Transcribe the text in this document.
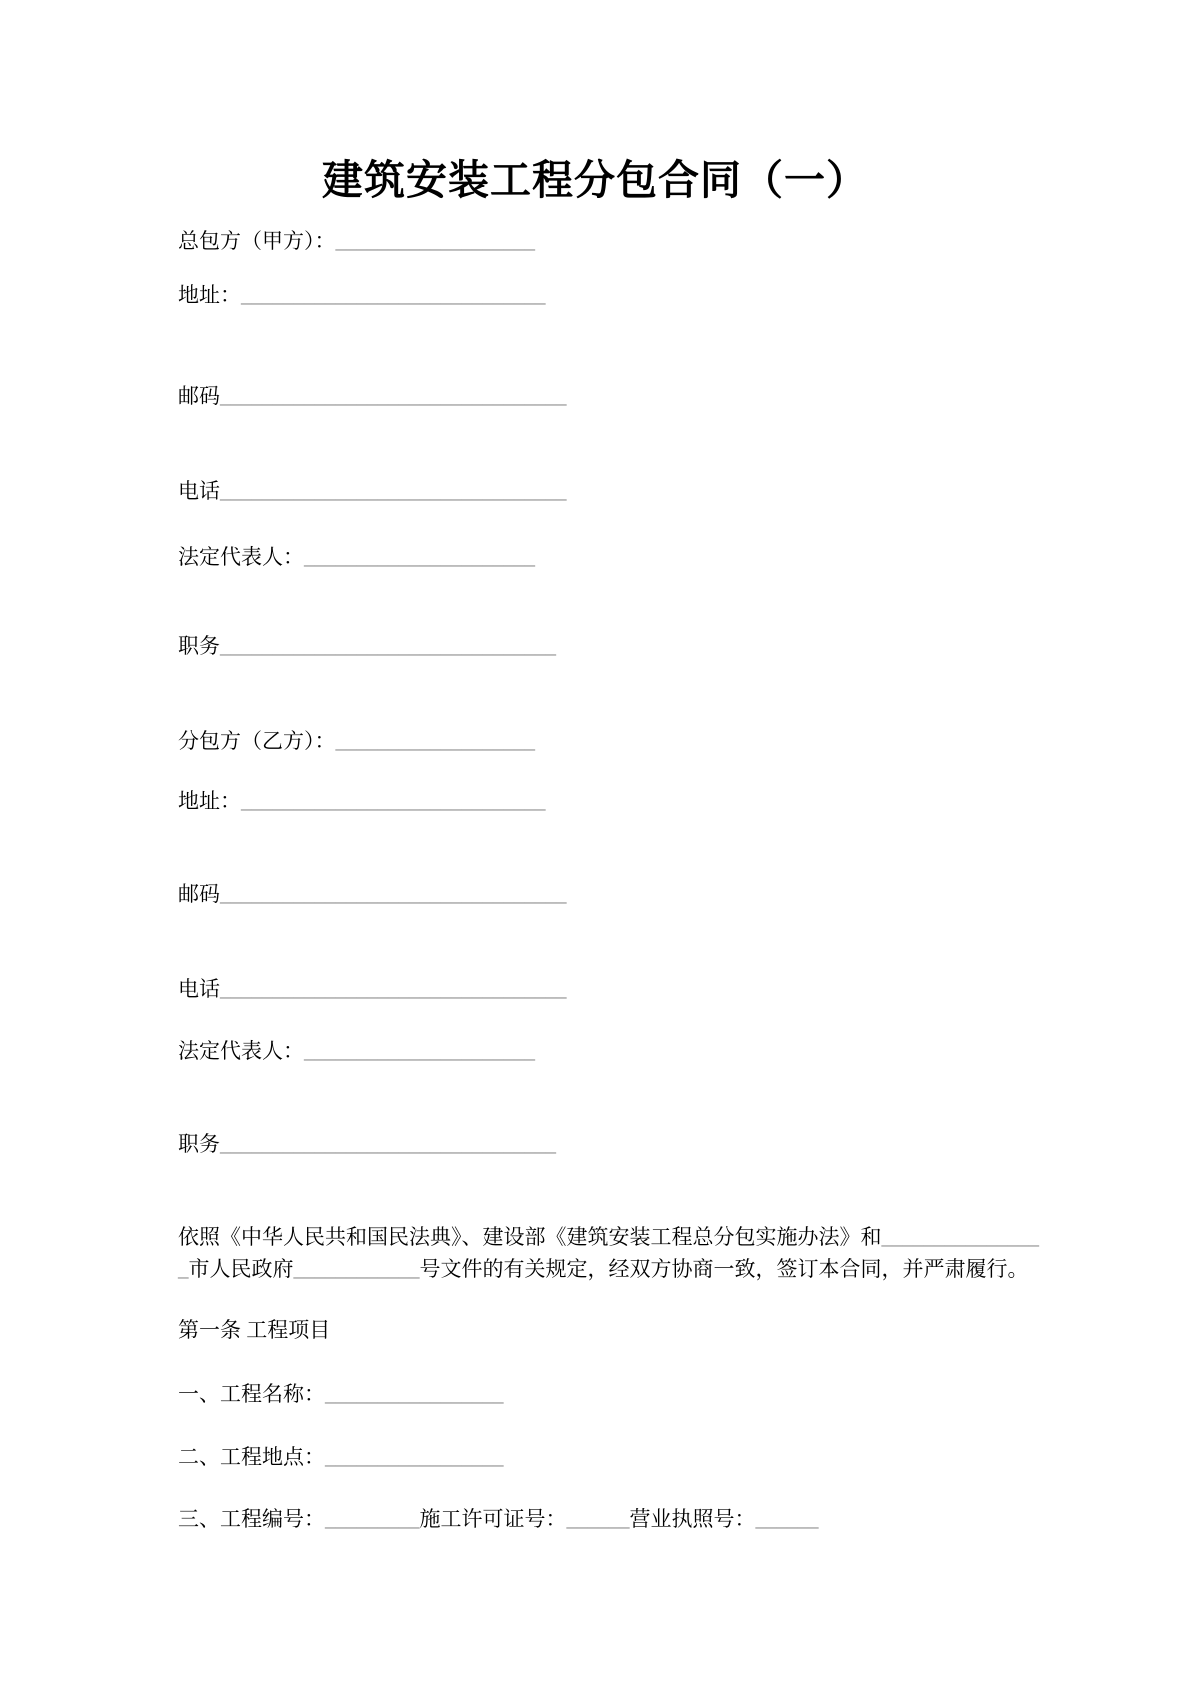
建筑安装工程分包合同（一）
总包方（甲方）：___________________
地址：_____________________________
邮码_________________________________
电话_________________________________
法定代表人：______________________
职务________________________________
分包方（乙方）：___________________
地址：_____________________________
邮码_________________________________
电话_________________________________
法定代表人：______________________
职务________________________________
依照《中华人民共和国民法典》、建设部《建筑安装工程总分包实施办法》和_______________
_市人民政府____________号文件的有关规定，经双方协商一致，签订本合同，并严肃履行。
第一条 工程项目
一、工程名称：_________________
二、工程地点：_________________
三、工程编号：_________施工许可证号：______营业执照号：______
